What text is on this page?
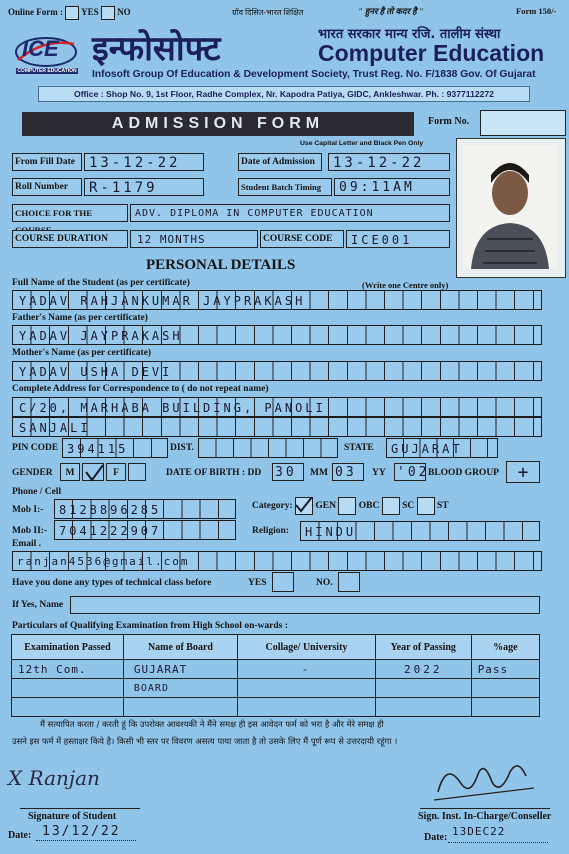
Online Form : YES NO	ग्रॉव दिसित-भारत शिक्षित	" हुनर है तो कदर है "	Form 150/-
ICE
COMPUTER EDUCATION
इन्फोसोफ्ट	भारत सरकार मान्य रजि. तालीम संस्था
Computer Education
Infosoft Group Of Education & Development Society, Trust Reg. No. F/1838 Gov. Of Gujarat
Office : Shop No. 9, 1st Floor, Radhe Complex, Nr. Kapodra Patiya, GIDC, Ankleshwar. Ph. : 9377112272
ADMISSION FORM	Form No.
Use Capital Letter and Black Pen Only
From Fill Date	13-12-22	Date of Admission	13-12-22
Roll Number	R-1179	Student Batch Timing	09:11AM
CHOICE FOR THE	ADV. DIPLOMA IN COMPUTER EDUCATION
COURSE DURATION	12 MONTHS	COURSE CODE	ICE001
PERSONAL DETAILS
Full Name of the Student (as per certificate)	(Write one Centre only)
YADAV RAHJANKUMAR JAYPRAKASH
Father's Name (as per certificate)
YADAV JAYPRAKASH
Mother's Name (as per certificate)
YADAV USHA DEVI
Complete Address for Correspondence to ( do not repeat name)
C/20, MARHABA BUILDING, PANOLI
SANJALI
PIN CODE 394115	DIST.	STATE	GUJARAT
GENDER	M	F	DATE OF BIRTH : DD 30	MM 03	YY '02
BLOOD GROUP	+
Phone / Cell
Mob I:-	8128896285
Mob II:- 7041222907
Category: GEN OBC SC ST
Religion:	HINDU
Email .
ranjan4536@gmail.com
Have you done any types of technical class before	YES	NO.
If Yes, Name
Particulars of Qualifying Examination from High School on-wards :
Examination Passed	Name of Board	Collage/ University	Year of Passing	%age
12th Com.	GUJARAT	-	2022	Pass
	BOARD			

मैं सत्यापित करता / करती हूं कि उपरोक्त आवश्यकी ने मैंने समक्ष ही इस आवेदन फर्म को भरा है और मेरे समक्ष ही
उसने इस फर्म में हस्ताक्षर किये है। किसी भी स्तर पर विवरण असत्य पाया जाता है तो उसके लिए मैं पूर्ण रूप से उत्तरदायी रहूंगा ।
X Ranjan
Signature of Student
Date: 13/12/22
Sign. Inst. In-Charge/Conseller
Date: 13DEC22
